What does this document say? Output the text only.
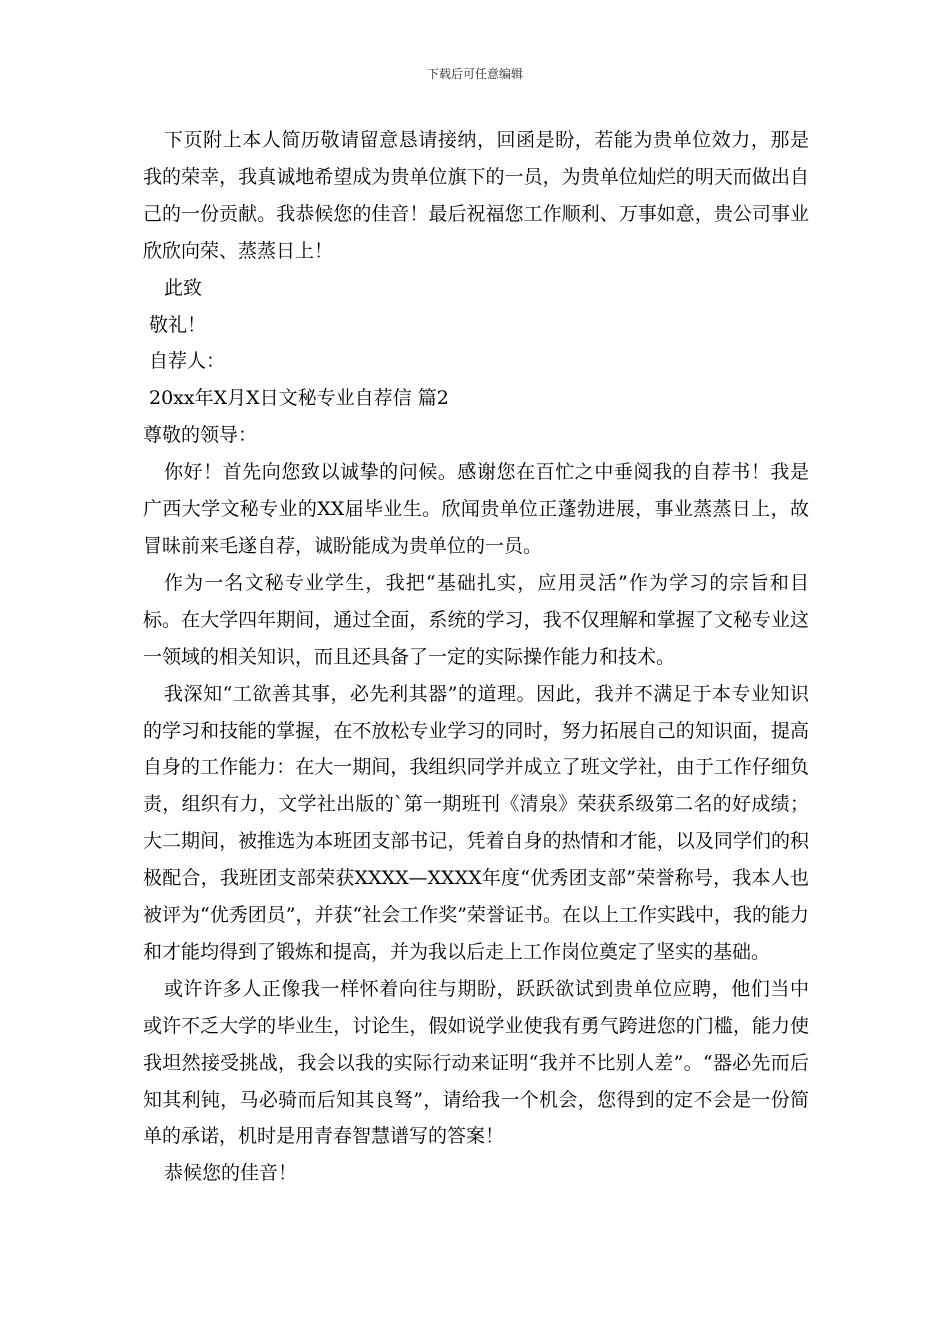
下载后可任意编辑

下页附上本人简历敬请留意恳请接纳，回函是盼，若能为贵单位效力，那是我的荣幸，我真诚地希望成为贵单位旗下的一员，为贵单位灿烂的明天而做出自己的一份贡献。我恭候您的佳音！最后祝福您工作顺利、万事如意，贵公司事业欣欣向荣、蒸蒸日上！

此致

敬礼！

自荐人：

20xx年X月X日文秘专业自荐信 篇2

尊敬的领导：

你好！首先向您致以诚挚的问候。感谢您在百忙之中垂阅我的自荐书！我是广西大学文秘专业的XX届毕业生。欣闻贵单位正蓬勃进展，事业蒸蒸日上，故冒昧前来毛遂自荐，诚盼能成为贵单位的一员。

作为一名文秘专业学生，我把“基础扎实，应用灵活”作为学习的宗旨和目标。在大学四年期间，通过全面，系统的学习，我不仅理解和掌握了文秘专业这一领域的相关知识，而且还具备了一定的实际操作能力和技术。

我深知“工欲善其事，必先利其器”的道理。因此，我并不满足于本专业知识的学习和技能的掌握，在不放松专业学习的同时，努力拓展自己的知识面，提高自身的工作能力：在大一期间，我组织同学并成立了班文学社，由于工作仔细负责，组织有力，文学社出版的`第一期班刊《清泉》荣获系级第二名的好成绩；大二期间，被推选为本班团支部书记，凭着自身的热情和才能，以及同学们的积极配合，我班团支部荣获XXXX—XXXX年度“优秀团支部”荣誉称号，我本人也被评为“优秀团员”，并获“社会工作奖”荣誉证书。在以上工作实践中，我的能力和才能均得到了锻炼和提高，并为我以后走上工作岗位奠定了坚实的基础。

或许许多人正像我一样怀着向往与期盼，跃跃欲试到贵单位应聘，他们当中或许不乏大学的毕业生，讨论生，假如说学业使我有勇气跨进您的门槛，能力使我坦然接受挑战，我会以我的实际行动来证明“我并不比别人差”。“器必先而后知其利钝，马必骑而后知其良驽”，请给我一个机会，您得到的定不会是一份简单的承诺，机时是用青春智慧谱写的答案！

恭候您的佳音！
